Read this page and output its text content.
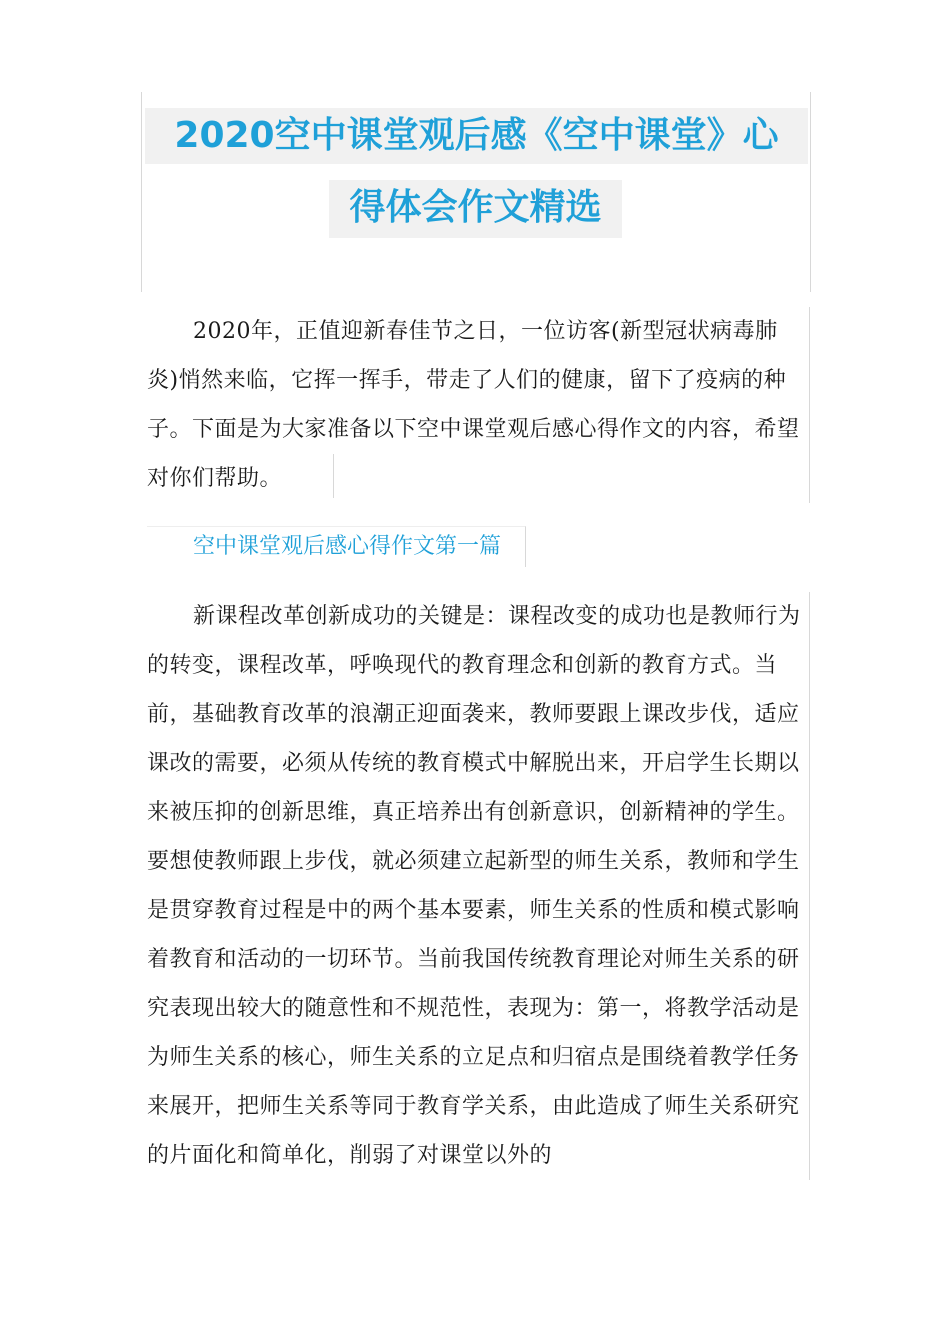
2020空中课堂观后感《空中课堂》心
得体会作文精选

2020年，正值迎新春佳节之日，一位访客(新型冠状病毒肺炎)悄然来临，它挥一挥手，带走了人们的健康，留下了疫病的种子。下面是为大家准备以下空中课堂观后感心得作文的内容，希望对你们帮助。

空中课堂观后感心得作文第一篇

新课程改革创新成功的关键是：课程改变的成功也是教师行为的转变，课程改革，呼唤现代的教育理念和创新的教育方式。当前，基础教育改革的浪潮正迎面袭来，教师要跟上课改步伐，适应课改的需要，必须从传统的教育模式中解脱出来，开启学生长期以来被压抑的创新思维，真正培养出有创新意识，创新精神的学生。要想使教师跟上步伐，就必须建立起新型的师生关系，教师和学生是贯穿教育过程是中的两个基本要素，师生关系的性质和模式影响着教育和活动的一切环节。当前我国传统教育理论对师生关系的研究表现出较大的随意性和不规范性，表现为：第一，将教学活动是为师生关系的核心，师生关系的立足点和归宿点是围绕着教学任务来展开，把师生关系等同于教育学关系，由此造成了师生关系研究的片面化和简单化，削弱了对课堂以外的
